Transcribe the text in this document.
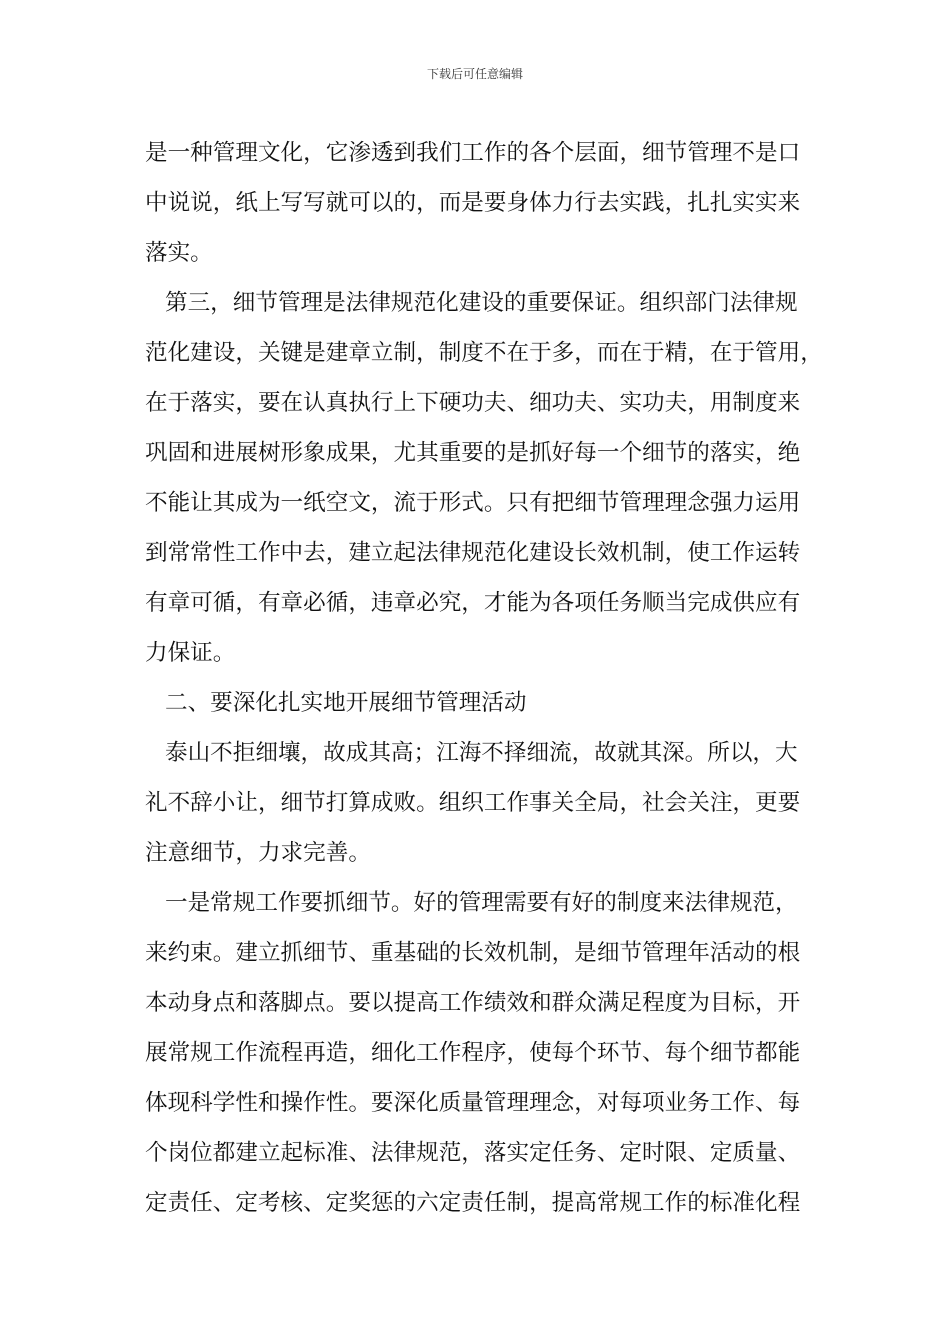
下载后可任意编辑
是一种管理文化，它渗透到我们工作的各个层面，细节管理不是口
中说说，纸上写写就可以的，而是要身体力行去实践，扎扎实实来
落实。
第三，细节管理是法律规范化建设的重要保证。组织部门法律规
范化建设，关键是建章立制，制度不在于多，而在于精，在于管用，
在于落实，要在认真执行上下硬功夫、细功夫、实功夫，用制度来
巩固和进展树形象成果，尤其重要的是抓好每一个细节的落实，绝
不能让其成为一纸空文，流于形式。只有把细节管理理念强力运用
到常常性工作中去，建立起法律规范化建设长效机制，使工作运转
有章可循，有章必循，违章必究，才能为各项任务顺当完成供应有
力保证。
二、要深化扎实地开展细节管理活动
泰山不拒细壤，故成其高；江海不择细流，故就其深。所以，大
礼不辞小让，细节打算成败。组织工作事关全局，社会关注，更要
注意细节，力求完善。
一是常规工作要抓细节。好的管理需要有好的制度来法律规范，
来约束。建立抓细节、重基础的长效机制，是细节管理年活动的根
本动身点和落脚点。要以提高工作绩效和群众满足程度为目标，开
展常规工作流程再造，细化工作程序，使每个环节、每个细节都能
体现科学性和操作性。要深化质量管理理念，对每项业务工作、每
个岗位都建立起标准、法律规范，落实定任务、定时限、定质量、
定责任、定考核、定奖惩的六定责任制，提高常规工作的标准化程
